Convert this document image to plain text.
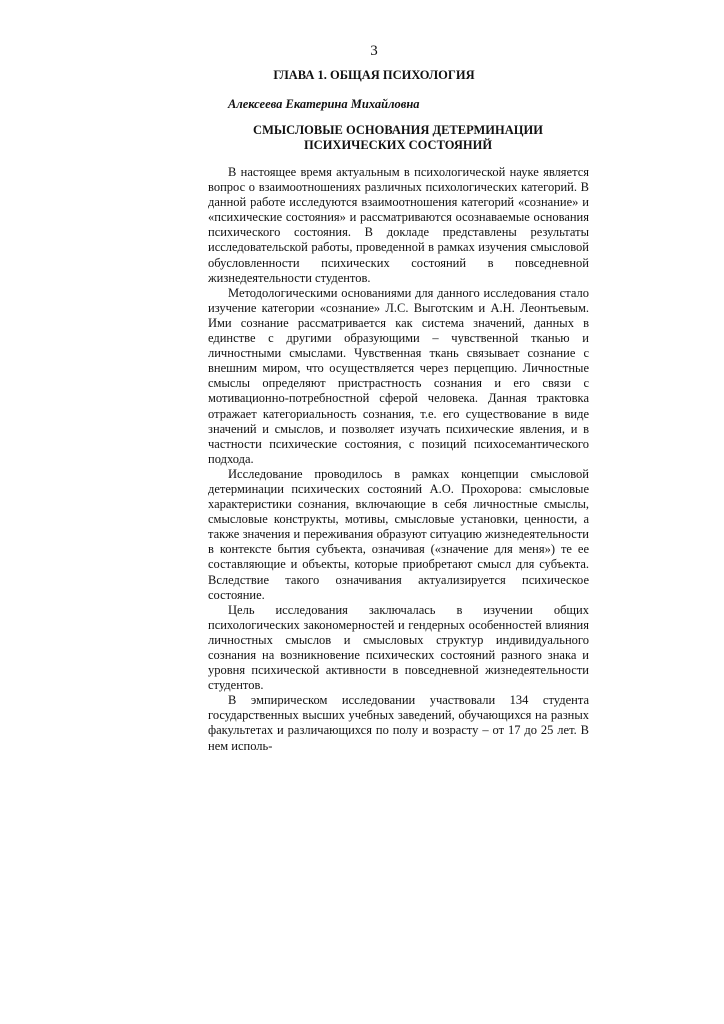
3
ГЛАВА 1. ОБЩАЯ ПСИХОЛОГИЯ
Алексеева Екатерина Михайловна
СМЫСЛОВЫЕ ОСНОВАНИЯ ДЕТЕРМИНАЦИИ ПСИХИЧЕСКИХ СОСТОЯНИЙ

В настоящее время актуальным в психологической науке является вопрос о взаимоотношениях различных психологических категорий. В данной работе исследуются взаимоотношения категорий «сознание» и «психические состояния» и рассматриваются осознаваемые основания психического состояния. В докладе представлены результаты исследовательской работы, проведенной в рамках изучения смысловой обусловленности психических состояний в повседневной жизнедеятельности студентов.

Методологическими основаниями для данного исследования стало изучение категории «сознание» Л.С. Выготским и А.Н. Леонтьевым. Ими сознание рассматривается как система значений, данных в единстве с другими образующими – чувственной тканью и личностными смыслами. Чувственная ткань связывает сознание с внешним миром, что осуществляется через перцепцию. Личностные смыслы определяют пристрастность сознания и его связи с мотивационно-потребностной сферой человека. Данная трактовка отражает категориальность сознания, т.е. его существование в виде значений и смыслов, и позволяет изучать психические явления, и в частности психические состояния, с позиций психосемантического подхода.

Исследование проводилось в рамках концепции смысловой детерминации психических состояний А.О. Прохорова: смысловые характеристики сознания, включающие в себя личностные смыслы, смысловые конструкты, мотивы, смысловые установки, ценности, а также значения и переживания образуют ситуацию жизнедеятельности в контексте бытия субъекта, означивая («значение для меня») те ее составляющие и объекты, которые приобретают смысл для субъекта. Вследствие такого означивания актуализируется психическое состояние.

Цель исследования заключалась в изучении общих психологических закономерностей и гендерных особенностей влияния личностных смыслов и смысловых структур индивидуального сознания на возникновение психических состояний разного знака и уровня психической активности в повседневной жизнедеятельности студентов.

В эмпирическом исследовании участвовали 134 студента государственных высших учебных заведений, обучающихся на разных факультетах и различающихся по полу и возрасту – от 17 до 25 лет. В нем исполь-
